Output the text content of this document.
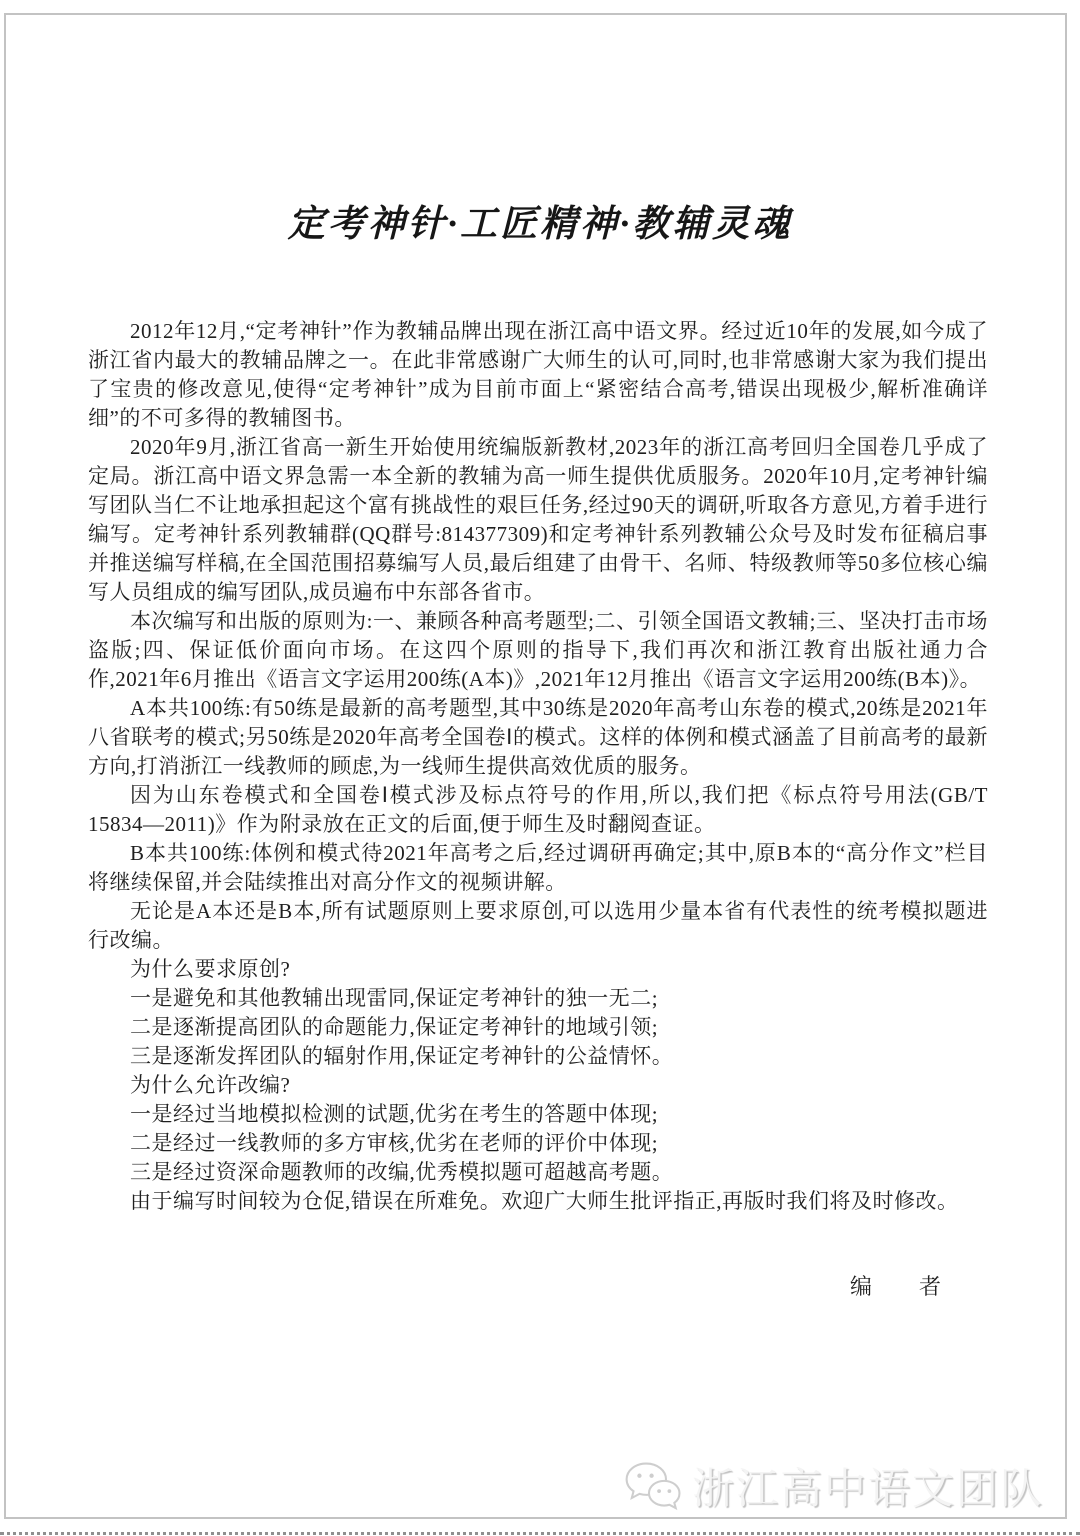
定考神针·工匠精神·教辅灵魂

2012年12月,“定考神针”作为教辅品牌出现在浙江高中语文界。经过近10年的发展,如今成了浙江省内最大的教辅品牌之一。在此非常感谢广大师生的认可,同时,也非常感谢大家为我们提出了宝贵的修改意见,使得“定考神针”成为目前市面上“紧密结合高考,错误出现极少,解析准确详细”的不可多得的教辅图书。

2020年9月,浙江省高一新生开始使用统编版新教材,2023年的浙江高考回归全国卷几乎成了定局。浙江高中语文界急需一本全新的教辅为高一师生提供优质服务。2020年10月,定考神针编写团队当仁不让地承担起这个富有挑战性的艰巨任务,经过90天的调研,听取各方意见,方着手进行编写。定考神针系列教辅群(QQ群号:814377309)和定考神针系列教辅公众号及时发布征稿启事并推送编写样稿,在全国范围招募编写人员,最后组建了由骨干、名师、特级教师等50多位核心编写人员组成的编写团队,成员遍布中东部各省市。

本次编写和出版的原则为:一、兼顾各种高考题型;二、引领全国语文教辅;三、坚决打击市场盗版;四、保证低价面向市场。在这四个原则的指导下,我们再次和浙江教育出版社通力合作,2021年6月推出《语言文字运用200练(A本)》,2021年12月推出《语言文字运用200练(B本)》。

A本共100练:有50练是最新的高考题型,其中30练是2020年高考山东卷的模式,20练是2021年八省联考的模式;另50练是2020年高考全国卷Ⅰ的模式。这样的体例和模式涵盖了目前高考的最新方向,打消浙江一线教师的顾虑,为一线师生提供高效优质的服务。

因为山东卷模式和全国卷Ⅰ模式涉及标点符号的作用,所以,我们把《标点符号用法(GB/T 15834—2011)》作为附录放在正文的后面,便于师生及时翻阅查证。

B本共100练:体例和模式待2021年高考之后,经过调研再确定;其中,原B本的“高分作文”栏目将继续保留,并会陆续推出对高分作文的视频讲解。

无论是A本还是B本,所有试题原则上要求原创,可以选用少量本省有代表性的统考模拟题进行改编。

为什么要求原创?

一是避免和其他教辅出现雷同,保证定考神针的独一无二;

二是逐渐提高团队的命题能力,保证定考神针的地域引领;

三是逐渐发挥团队的辐射作用,保证定考神针的公益情怀。

为什么允许改编?

一是经过当地模拟检测的试题,优劣在考生的答题中体现;

二是经过一线教师的多方审核,优劣在老师的评价中体现;

三是经过资深命题教师的改编,优秀模拟题可超越高考题。

由于编写时间较为仓促,错误在所难免。欢迎广大师生批评指正,再版时我们将及时修改。

编　　者
浙江高中语文团队
